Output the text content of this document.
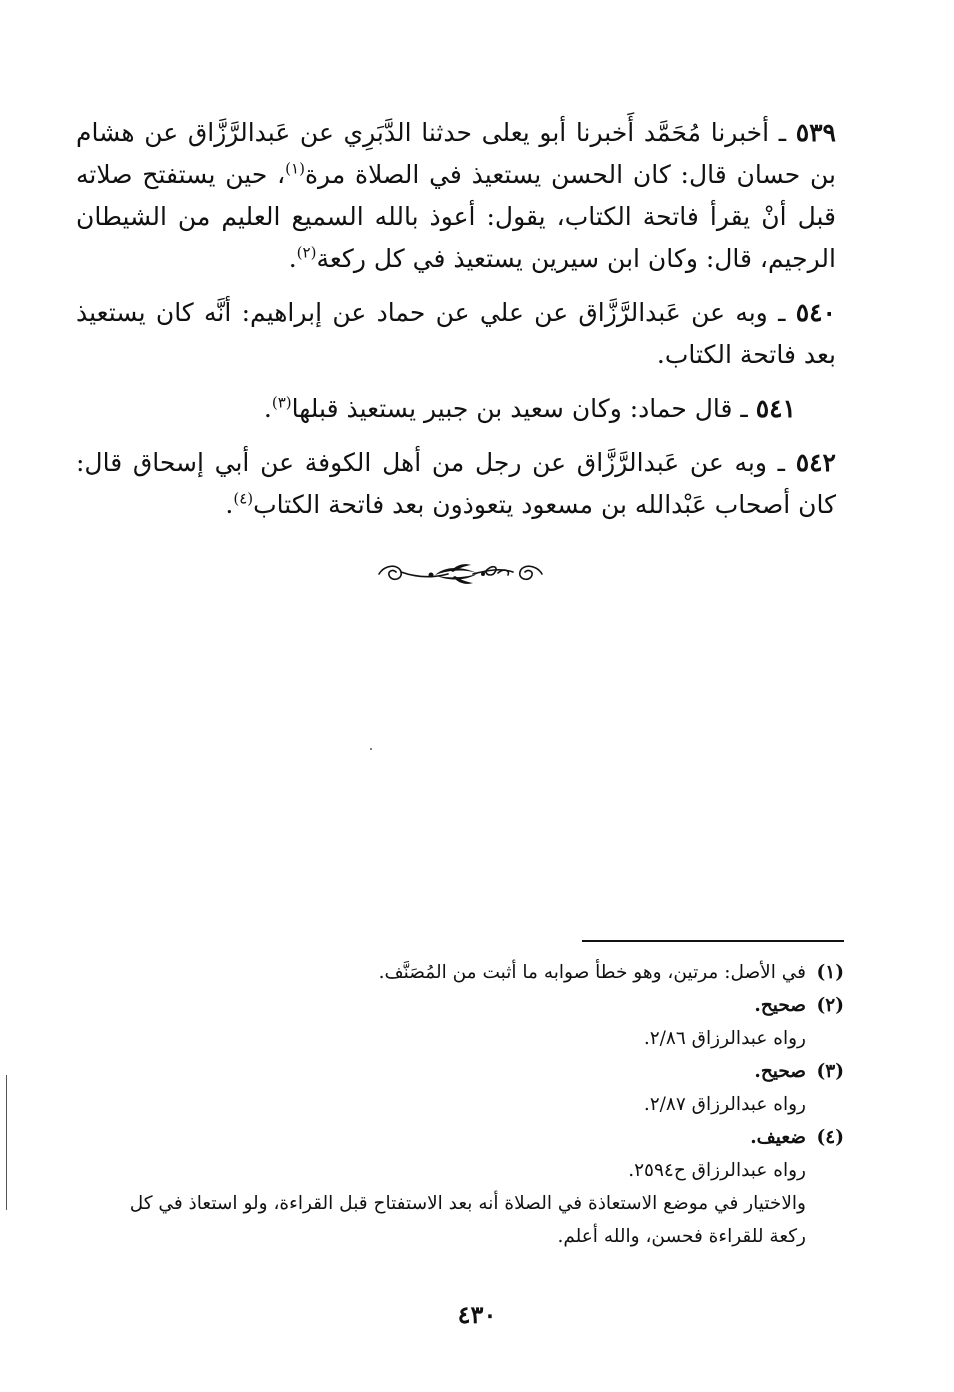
٥٣٩ ـ أخبرنا مُحَمَّد أَخبرنا أبو يعلى حدثنا الدَّبَرِي عن عَبدالرَّزَّاق عن هشام بن حسان قال: كان الحسن يستعيذ في الصلاة مرة$^{(١)}$، حين يستفتح صلاته قبل أنْ يقرأ فاتحة الكتاب، يقول: أعوذ بالله السميع العليم من الشيطان الرجيم، قال: وكان ابن سيرين يستعيذ في كل ركعة$^{(٢)}$.

٥٤٠ ـ وبه عن عَبدالرَّزَّاق عن علي عن حماد عن إبراهيم: أنَّه كان يستعيذ بعد فاتحة الكتاب.

٥٤١ ـ قال حماد: وكان سعيد بن جبير يستعيذ قبلها$^{(٣)}$.

٥٤٢ ـ وبه عن عَبدالرَّزَّاق عن رجل من أهل الكوفة عن أبي إسحاق قال: كان أصحاب عَبْدالله بن مسعود يتعوذون بعد فاتحة الكتاب$^{(٤)}$.

(١)
في الأصل: مرتين، وهو خطأ صوابه ما أثبت من المُصَنَّف.
(٢)
صحيح.
رواه عبدالرزاق ٢/٨٦.
(٣)
صحيح.
رواه عبدالرزاق ٢/٨٧.
(٤)
ضعيف.
رواه عبدالرزاق ح٢٥٩٤.
والاختيار في موضع الاستعاذة في الصلاة أنه بعد الاستفتاح قبل القراءة، ولو استعاذ في كل ركعة للقراءة فحسن، والله أعلم.
٤٣٠
